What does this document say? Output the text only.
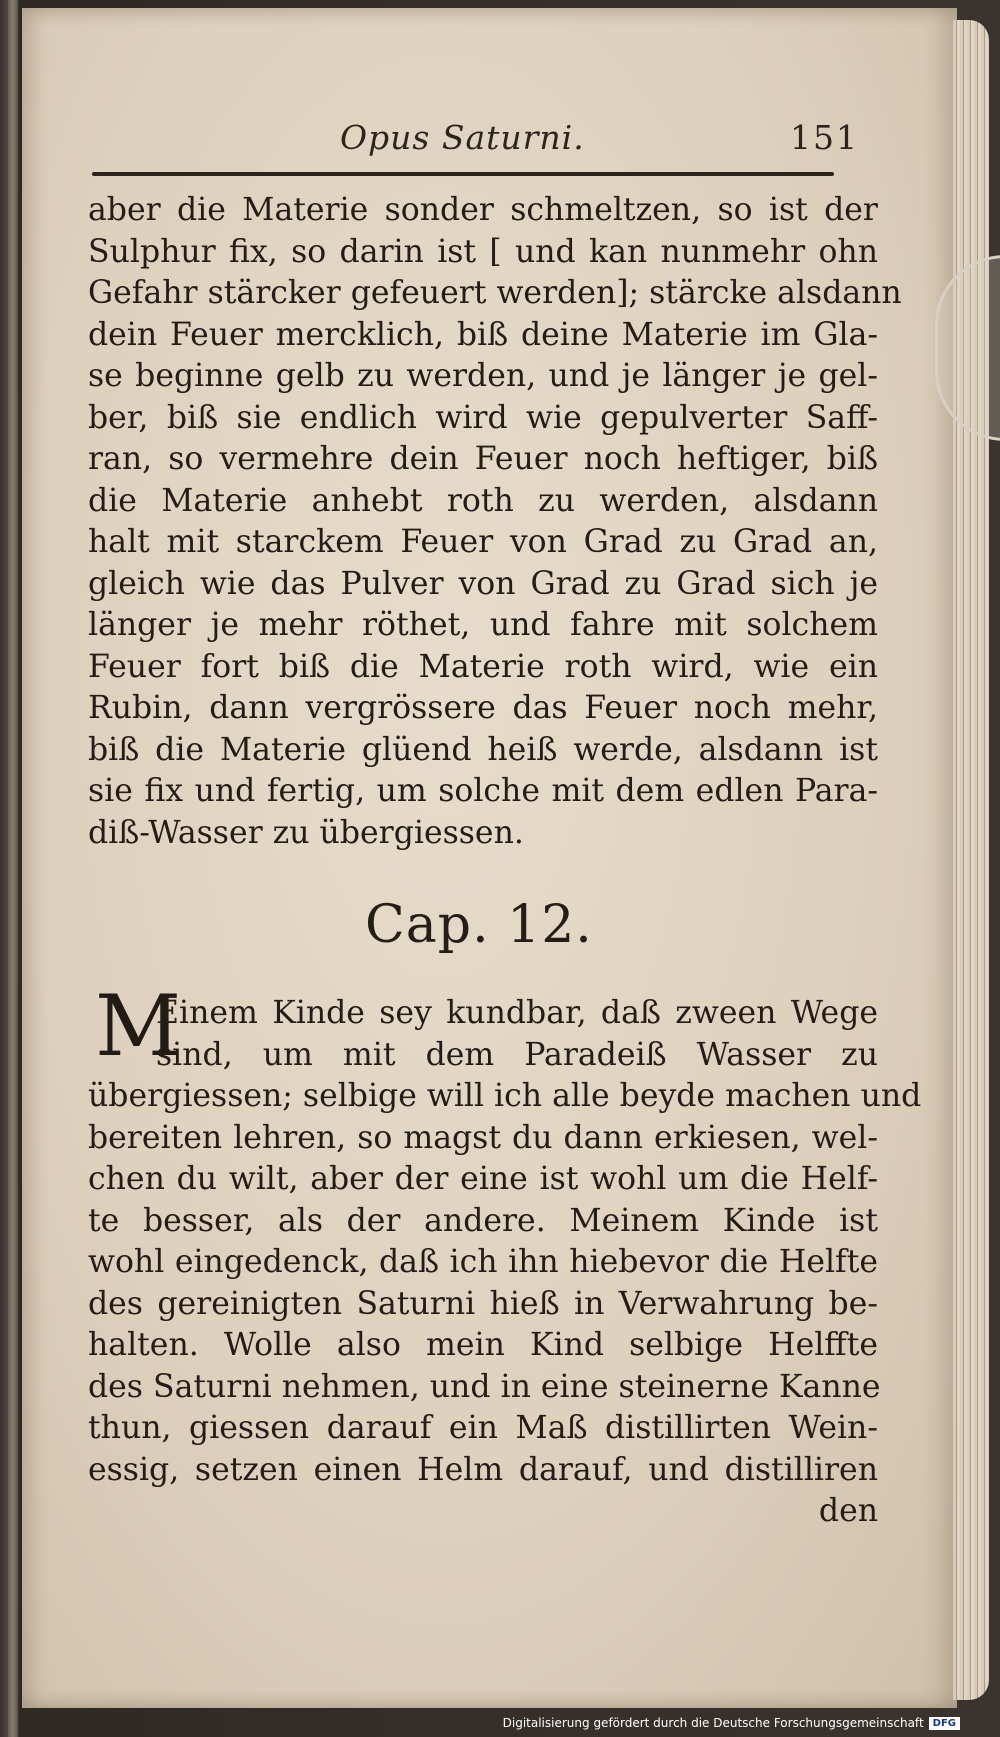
Opus Saturni.	151
aber die Materie sonder schmeltzen, so ist der
Sulphur fix, so darin ist [ und kan nunmehr ohn
Gefahr stärcker gefeuert werden]; stärcke alsdann
dein Feuer mercklich, biß deine Materie im Gla-
se beginne gelb zu werden, und je länger je gel-
ber, biß sie endlich wird wie gepulverter Saff-
ran, so vermehre dein Feuer noch heftiger, biß
die Materie anhebt roth zu werden, alsdann
halt mit starckem Feuer von Grad zu Grad an,
gleich wie das Pulver von Grad zu Grad sich je
länger je mehr röthet, und fahre mit solchem
Feuer fort biß die Materie roth wird, wie ein
Rubin, dann vergrössere das Feuer noch mehr,
biß die Materie glüend heiß werde, alsdann ist
sie fix und fertig, um solche mit dem edlen Para-
diß-Wasser zu übergiessen.
Cap. 12.
M
Einem Kinde sey kundbar, daß zween Wege
sind, um mit dem Paradeiß Wasser zu
übergiessen; selbige will ich alle beyde machen und
bereiten lehren, so magst du dann erkiesen, wel-
chen du wilt, aber der eine ist wohl um die Helf-
te besser, als der andere. Meinem Kinde ist
wohl eingedenck, daß ich ihn hiebevor die Helfte
des gereinigten Saturni hieß in Verwahrung be-
halten. Wolle also mein Kind selbige Helffte
des Saturni nehmen, und in eine steinerne Kanne
thun, giessen darauf ein Maß distillirten Wein-
essig, setzen einen Helm darauf, und distilliren
den
Digitalisierung gefördert durch die Deutsche Forschungsgemeinschaft DFG
